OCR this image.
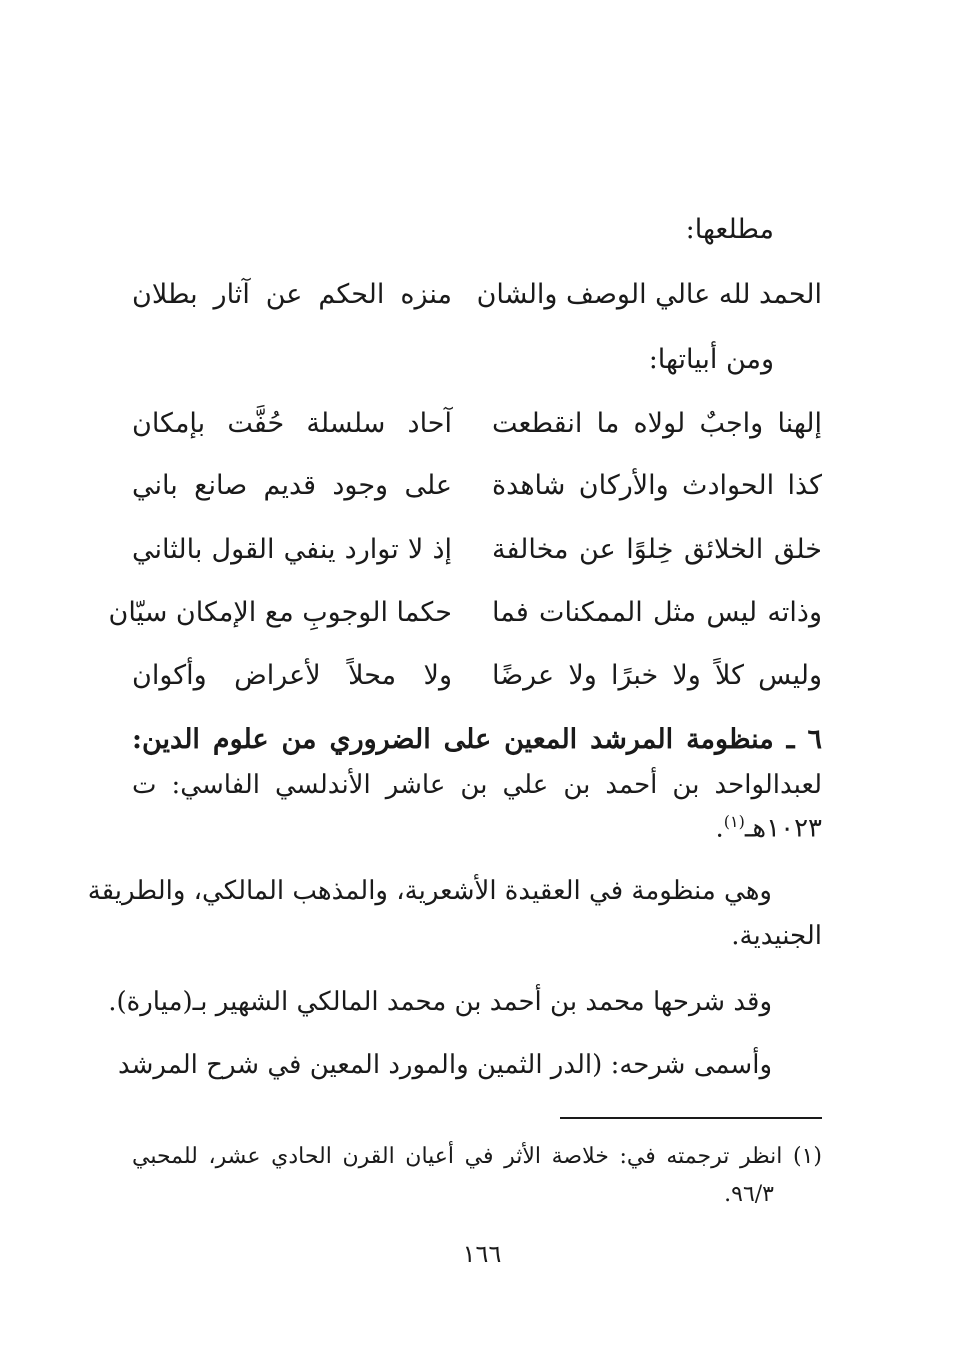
مطلعها:
الحمد لله عالي الوصف والشان
منزه الحكم عن آثار بطلان
ومن أبياتها:
إلهنا واجبٌ لولاه ما انقطعت
آحاد سلسلة حُفَّت بإمكان
كذا الحوادث والأركان شاهدة
على وجود قديم صانع باني
خلق الخلائق خِلوًا عن مخالفة
إذ لا توارد ينفي القول بالثاني
وذاته ليس مثل الممكنات فما
حكما الوجوبِ مع الإمكان سيّان
وليس كلاً ولا خبرًا ولا عرضًا
ولا محلاً لأعراض وأكوان
٦ ـ منظومة المرشد المعين على الضروري من علوم الدين:
لعبدالواحد بن أحمد بن علي بن عاشر الأندلسي الفاسي: ت
١٠٢٣هـ$^{(١)}$.
وهي منظومة في العقيدة الأشعرية، والمذهب المالكي، والطريقة
الجنيدية.
وقد شرحها محمد بن أحمد بن محمد المالكي الشهير بـ(ميارة).
وأسمى شرحه: (الدر الثمين والمورد المعين في شرح المرشد
(١) انظر ترجمته في: خلاصة الأثر في أعيان القرن الحادي عشر، للمحبي
٩٦/٣.
١٦٦
